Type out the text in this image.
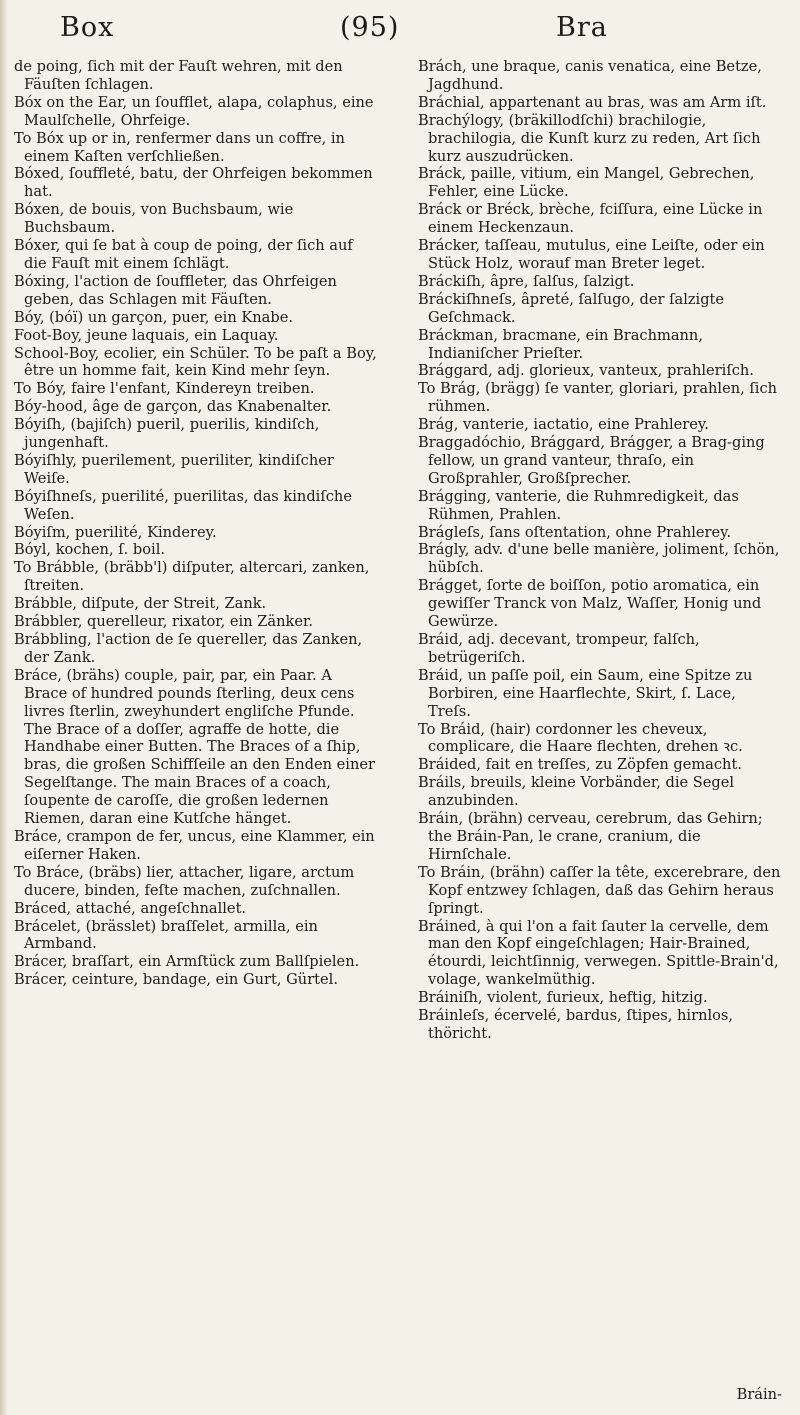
Box	(95)	Bra

de poing, ſich mit der Fauſt wehren, mit den Fäuſten ſchlagen.

Bóx on the Ear, un ſoufflet, alapa, colaphus, eine Maulſchelle, Ohrfeige.

To Bóx up or in, renfermer dans un coffre, in einem Kaſten verſchließen.

Bóxed, ſouffleté, batu, der Ohrfeigen bekommen hat.

Bóxen, de bouis, von Buchsbaum, wie Buchsbaum.

Bóxer, qui ſe bat à coup de poing, der ſich auf die Fauſt mit einem ſchlägt.

Bóxing, l'action de ſouffleter, das Ohrfeigen geben, das Schlagen mit Fäuſten.

Bóy, (bóï) un garçon, puer, ein Knabe.

Foot-Boy, jeune laquais, ein Laquay.

School-Boy, ecolier, ein Schüler. To be paſt a Boy, être un homme fait, kein Kind mehr ſeyn.

To Bóy, faire l'enfant, Kindereyn treiben.

Bóy-hood, âge de garçon, das Knabenalter.

Bóyiſh, (bajiſch) pueril, puerilis, kindiſch, jungenhaft.

Bóyiſhly, puerilement, pueriliter, kindiſcher Weiſe.

Bóyiſhneſs, puerilité, puerilitas, das kindiſche Weſen.

Bóyiſm, puerilité, Kinderey.

Bóyl, kochen, ſ. boil.

To Brábble, (bräbb'l) diſputer, altercari, zanken, ſtreiten.

Brábble, diſpute, der Streit, Zank.

Brábbler, querelleur, rixator, ein Zänker.

Brábbling, l'action de ſe quereller, das Zanken, der Zank.

Bráce, (brähs) couple, pair, par, ein Paar. A Brace of hundred pounds ſterling, deux cens livres ſterlin, zweyhundert engliſche Pfunde. The Brace of a doſſer, agraffe de hotte, die Handhabe einer Butten. The Braces of a ſhip, bras, die großen Schiffſeile an den Enden einer Segelſtange. The main Braces of a coach, ſoupente de caroſſe, die großen ledernen Riemen, daran eine Kutſche hänget.

Bráce, crampon de fer, uncus, eine Klammer, ein eiſerner Haken.

To Bráce, (bräbs) lier, attacher, ligare, arctum ducere, binden, feſte machen, zuſchnallen.

Bráced, attaché, angeſchnallet.

Brácelet, (brässlet) braſſelet, armilla, ein Armband.

Brácer, braſſart, ein Armſtück zum Ballſpielen.

Brácer, ceinture, bandage, ein Gurt, Gürtel.

Brách, une braque, canis venatica, eine Betze, Jagdhund.

Bráchial, appartenant au bras, was am Arm iſt.

Brachýlogy, (bräkillodſchi) brachilogie, brachilogia, die Kunſt kurz zu reden, Art ſich kurz auszudrücken.

Bráck, paille, vitium, ein Mangel, Gebrechen, Fehler, eine Lücke.

Bráck or Bréck, brèche, fciſſura, eine Lücke in einem Heckenzaun.

Brácker, taſſeau, mutulus, eine Leiſte, oder ein Stück Holz, worauf man Breter leget.

Bráckiſh, âpre, ſalſus, ſalzigt.

Bráckiſhneſs, âpreté, ſalſugo, der ſalzigte Geſchmack.

Bráckman, bracmane, ein Brachmann, Indianiſcher Prieſter.

Brággard, adj. glorieux, vanteux, prahleriſch.

To Brág, (brägg) ſe vanter, gloriari, prahlen, ſich rühmen.

Brág, vanterie, iactatio, eine Prahlerey.

Braggadóchio, Brággard, Brágger, a Brag-ging fellow, un grand vanteur, thraſo, ein Großprahler, Großſprecher.

Brágging, vanterie, die Ruhmredigkeit, das Rühmen, Prahlen.

Brágleſs, ſans oſtentation, ohne Prahlerey.

Brágly, adv. d'une belle manière, joliment, ſchön, hübſch.

Brágget, ſorte de boiſſon, potio aromatica, ein gewiſſer Tranck von Malz, Waſſer, Honig und Gewürze.

Bráid, adj. decevant, trompeur, falſch, betrügeriſch.

Bráid, un paſſe poil, ein Saum, eine Spitze zu Borbiren, eine Haarflechte, Skirt, ſ. Lace, Treſs.

To Bráid, (hair) cordonner les cheveux, complicare, die Haare flechten, drehen ꝛc.

Bráided, fait en treſſes, zu Zöpfen gemacht.

Bráils, breuils, kleine Vorbänder, die Segel anzubinden.

Bráin, (brähn) cerveau, cerebrum, das Gehirn; the Bráin-Pan, le crane, cranium, die Hirnſchale.

To Bráin, (brähn) caſſer la tête, excerebrare, den Kopf entzwey ſchlagen, daß das Gehirn heraus ſpringt.

Bráined, à qui l'on a fait ſauter la cervelle, dem man den Kopf eingeſchlagen; Hair-Brained, étourdi, leichtſinnig, verwegen. Spittle-Brain'd, volage, wankelmüthig.

Bráiniſh, violent, furieux, heftig, hitzig.

Bráinleſs, écervelé, bardus, ſtipes, hirnlos, thöricht.

Bráin-
